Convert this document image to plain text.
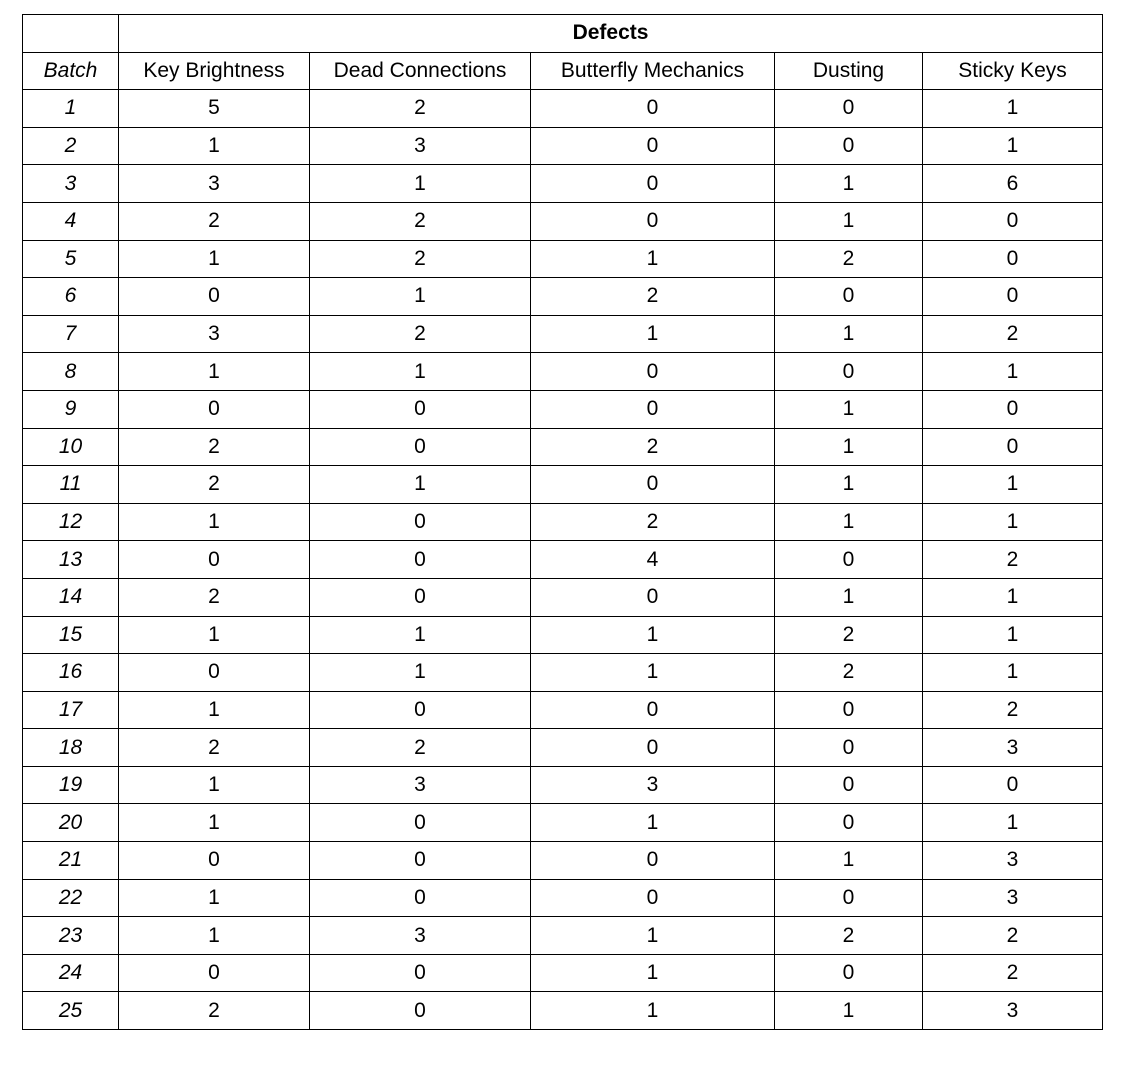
	Defects				
Batch	Key Brightness	Dead Connections	Butterfly Mechanics	Dusting	Sticky Keys
1	5	2	0	0	1
2	1	3	0	0	1
3	3	1	0	1	6
4	2	2	0	1	0
5	1	2	1	2	0
6	0	1	2	0	0
7	3	2	1	1	2
8	1	1	0	0	1
9	0	0	0	1	0
10	2	0	2	1	0
11	2	1	0	1	1
12	1	0	2	1	1
13	0	0	4	0	2
14	2	0	0	1	1
15	1	1	1	2	1
16	0	1	1	2	1
17	1	0	0	0	2
18	2	2	0	0	3
19	1	3	3	0	0
20	1	0	1	0	1
21	0	0	0	1	3
22	1	0	0	0	3
23	1	3	1	2	2
24	0	0	1	0	2
25	2	0	1	1	3
